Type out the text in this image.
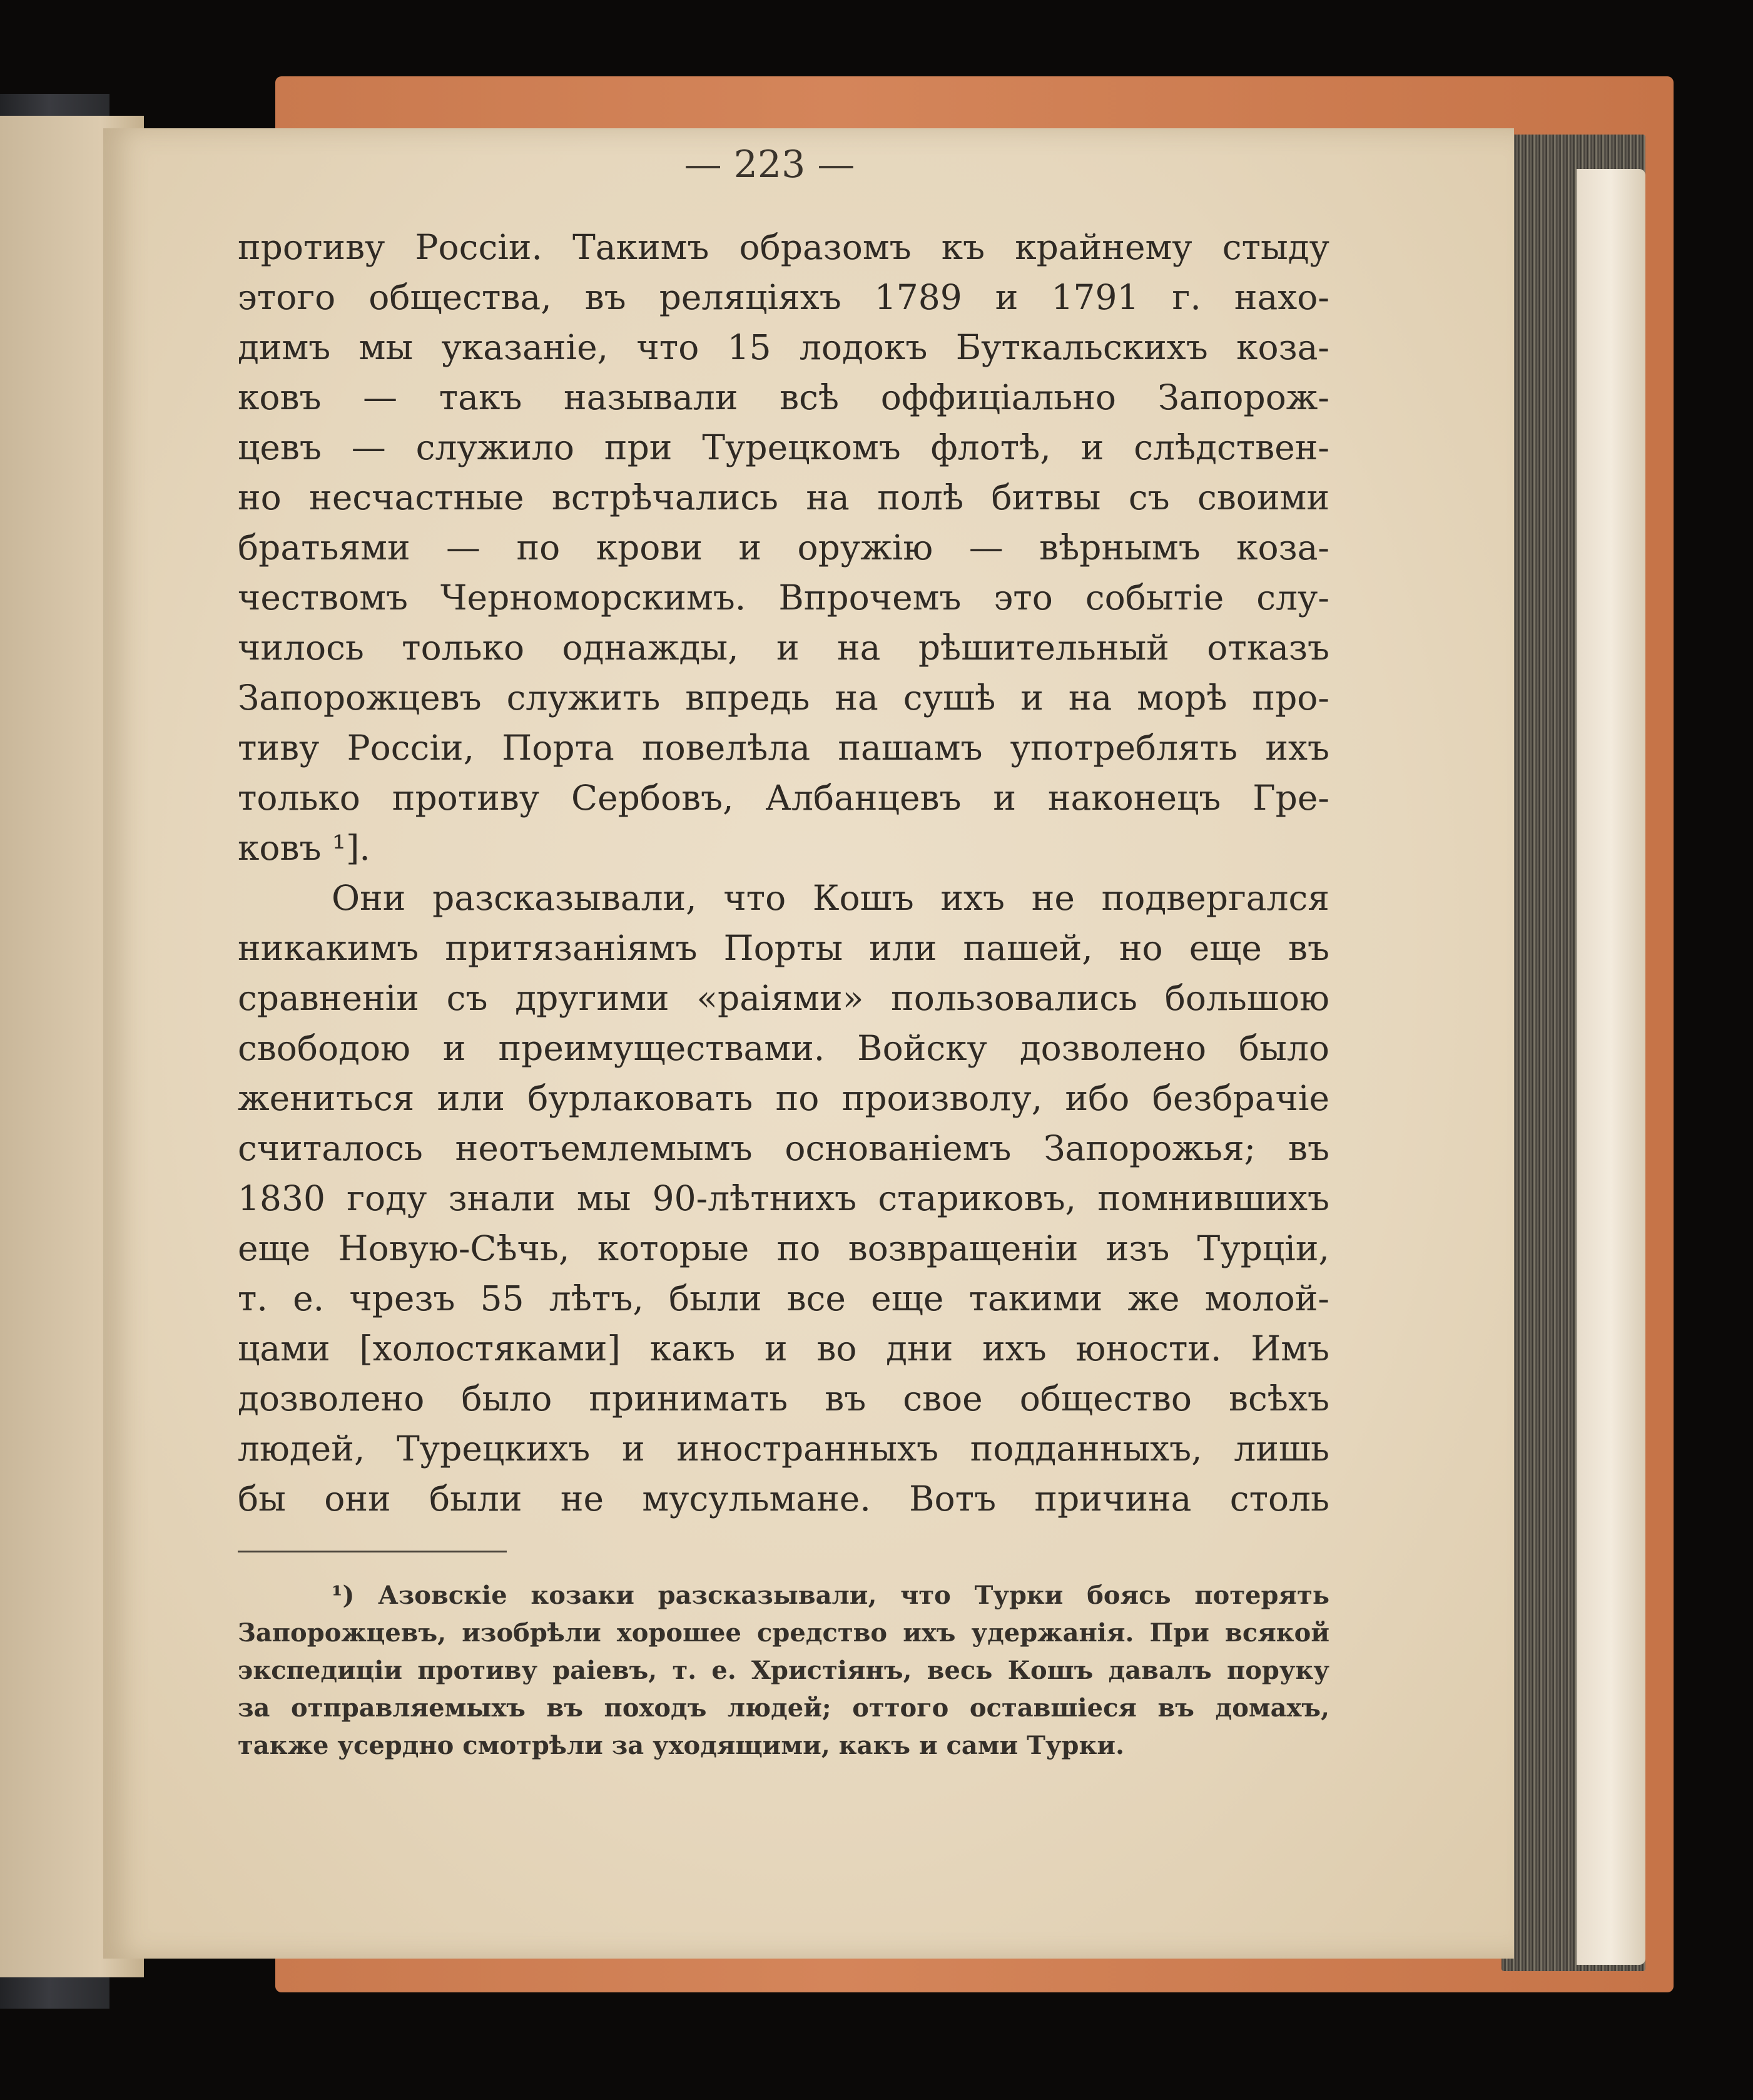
— 223 —
противу Россіи. Такимъ образомъ къ крайнему стыду
этого общества, въ реляціяхъ 1789 и 1791 г. нахо-
димъ мы указаніе, что 15 лодокъ Буткальскихъ коза-
ковъ — такъ называли всѣ оффиціально Запорож-
цевъ — служило при Турецкомъ флотѣ, и слѣдствен-
но несчастные встрѣчались на полѣ битвы съ своими
братьями — по крови и оружію — вѣрнымъ коза-
чествомъ Черноморскимъ. Впрочемъ это событіе слу-
чилось только однажды, и на рѣшительный отказъ
Запорожцевъ служить впредь на сушѣ и на морѣ про-
тиву Россіи, Порта повелѣла пашамъ употреблять ихъ
только противу Сербовъ, Албанцевъ и наконецъ Гре-
ковъ ¹].
Они разсказывали, что Кошъ ихъ не подвергался
никакимъ притязаніямъ Порты или пашей, но еще въ
сравненіи съ другими «раіями» пользовались большою
свободою и преимуществами. Войску дозволено было
жениться или бурлаковать по произволу, ибо безбрачіе
считалось неотъемлемымъ основаніемъ Запорожья; въ
1830 году знали мы 90-лѣтнихъ стариковъ, помнившихъ
еще Новую-Сѣчь, которые по возвращеніи изъ Турціи,
т. е. чрезъ 55 лѣтъ, были все еще такими же молой-
цами [холостяками] какъ и во дни ихъ юности. Имъ
дозволено было принимать въ свое общество всѣхъ
людей, Турецкихъ и иностранныхъ подданныхъ, лишь
бы они были не мусульмане. Вотъ причина столь
¹) Азовскіе козаки разсказывали, что Турки боясь потерять
Запорожцевъ, изобрѣли хорошее средство ихъ удержанія. При всякой
экспедиціи противу раіевъ, т. е. Христіянъ, весь Кошъ давалъ поруку
за отправляемыхъ въ походъ людей; оттого оставшіеся въ домахъ,
также усердно смотрѣли за уходящими, какъ и сами Турки.
